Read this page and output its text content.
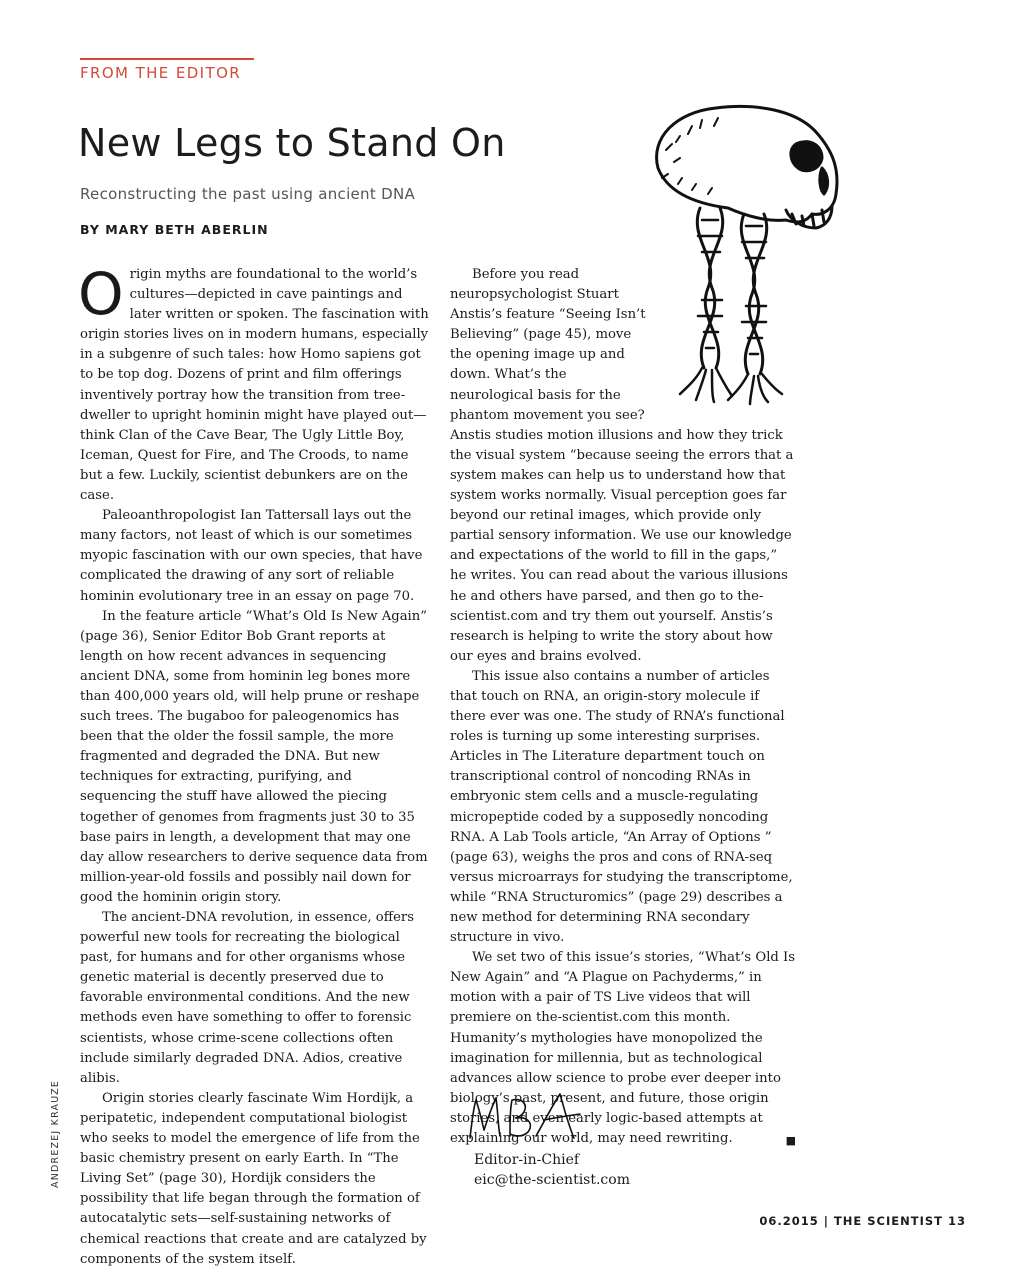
FROM THE EDITOR
New Legs to Stand On
Reconstructing the past using ancient DNA
BY MARY BETH ABERLIN

Origin myths are foundational to the world’s cultures—depicted in cave paintings and later written or spoken. The fascination with origin stories lives on in modern humans, especially in a subgenre of such tales: how Homo sapiens got to be top dog. Dozens of print and film offerings inventively portray how the transition from tree-dweller to upright hominin might have played out—think Clan of the Cave Bear, The Ugly Little Boy, Iceman, Quest for Fire, and The Croods, to name but a few. Luckily, scientist debunkers are on the case.

Paleoanthropologist Ian Tattersall lays out the many factors, not least of which is our sometimes myopic fascination with our own species, that have complicated the drawing of any sort of reliable hominin evolutionary tree in an essay on page 70.

In the feature article “What’s Old Is New Again” (page 36), Senior Editor Bob Grant reports at length on how recent advances in sequencing ancient DNA, some from hominin leg bones more than 400,000 years old, will help prune or reshape such trees. The bugaboo for paleogenomics has been that the older the fossil sample, the more fragmented and degraded the DNA. But new techniques for extracting, purifying, and sequencing the stuff have allowed the piecing together of genomes from fragments just 30 to 35 base pairs in length, a development that may one day allow researchers to derive sequence data from million-year-old fossils and possibly nail down for good the hominin origin story.

The ancient-DNA revolution, in essence, offers powerful new tools for recreating the biological past, for humans and for other organisms whose genetic material is decently preserved due to favorable environmental conditions. And the new methods even have something to offer to forensic scientists, whose crime-scene collections often include similarly degraded DNA. Adios, creative alibis.

Origin stories clearly fascinate Wim Hordijk, a peripatetic, independent computational biologist who seeks to model the emergence of life from the basic chemistry present on early Earth. In “The Living Set” (page 30), Hordijk considers the possibility that life began through the formation of autocatalytic sets—self-sustaining networks of chemical reactions that create and are catalyzed by components of the system itself.

Before you read neuropsychologist Stuart Anstis’s feature “Seeing Isn’t Believing” (page 45), move the opening image up and down. What’s the neurological basis for the phantom movement you see? Anstis studies motion illusions and how they trick the visual system “because seeing the errors that a system makes can help us to understand how that system works normally. Visual perception goes far beyond our retinal images, which provide only partial sensory information. We use our knowledge and expectations of the world to fill in the gaps,” he writes. You can read about the various illusions he and others have parsed, and then go to the-scientist.com and try them out yourself. Anstis’s research is helping to write the story about how our eyes and brains evolved.

This issue also contains a number of articles that touch on RNA, an origin-story molecule if there ever was one. The study of RNA’s functional roles is turning up some interesting surprises. Articles in The Literature department touch on transcriptional control of noncoding RNAs in embryonic stem cells and a muscle-regulating micropeptide coded by a supposedly noncoding RNA. A Lab Tools article, “An Array of Options ” (page 63), weighs the pros and cons of RNA-seq versus microarrays for studying the transcriptome, while “RNA Structuromics” (page 29) describes a new method for determining RNA secondary structure in vivo.

We set two of this issue’s stories, “What’s Old Is New Again” and “A Plague on Pachyderms,” in motion with a pair of TS Live videos that will premiere on the-scientist.com this month. Humanity’s mythologies have monopolized the imagination for millennia, but as technological advances allow science to probe ever deeper into biology’s past, present, and future, those origin stories, and even early logic-based attempts at explaining our world, may need rewriting.	■

Editor-in-Chief
eic@the-scientist.com
ANDREZEJ KRAUZE
06.2015 | THE SCIENTIST 13
